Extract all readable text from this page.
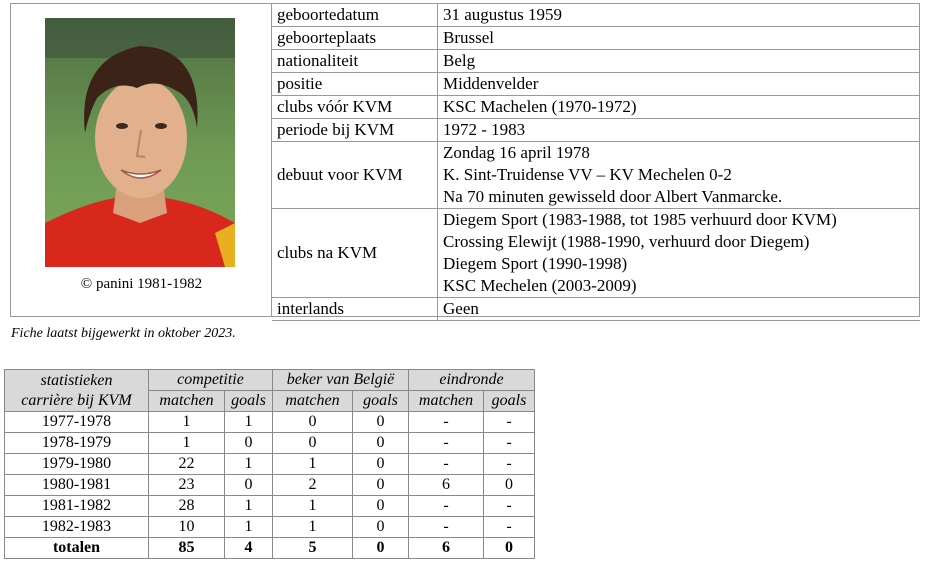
© panini 1981-1982
geboortedatum	31 augustus 1959

geboorteplaats	Brussel

nationaliteit	Belg

positie	Middenvelder

clubs vóór KVM	KSC Machelen (1970-1972)

periode bij KVM	1972 - 1983

debuut voor KVM	Zondag 16 april 1978
K. Sint-Truidense VV – KV Mechelen 0-2
Na 70 minuten gewisseld door Albert Vanmarcke.

clubs na KVM	Diegem Sport (1983-1988, tot 1985 verhuurd door KVM)
Crossing Elewijt (1988-1990, verhuurd door Diegem)
Diegem Sport (1990-1998)
KSC Mechelen (2003-2009)

interlands	Geen
Fiche laatst bijgewerkt in oktober 2023.
statistieken
carrière bij KVM	competitie		beker van België		eindronde	
	matchen	goals	matchen	goals	matchen	goals
1977-1978	1	1	0	0	-	-
1978-1979	1	0	0	0	-	-
1979-1980	22	1	1	0	-	-
1980-1981	23	0	2	0	6	0
1981-1982	28	1	1	0	-	-
1982-1983	10	1	1	0	-	-
totalen	85	4	5	0	6	0
